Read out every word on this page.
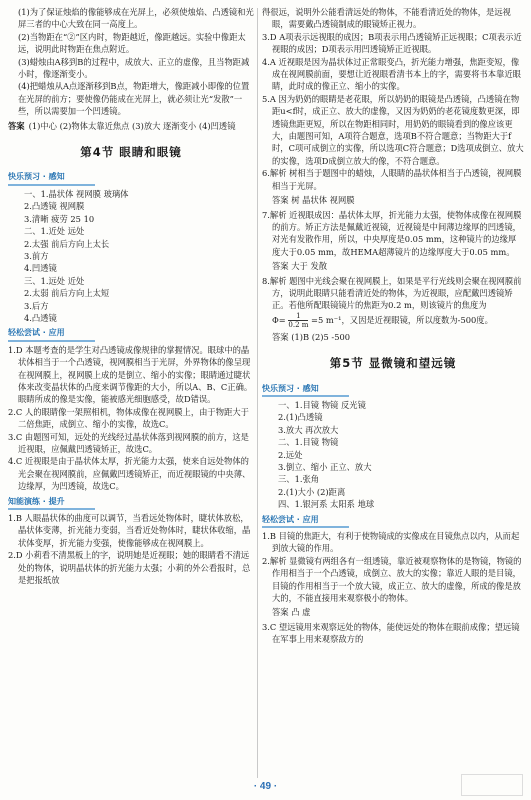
(1)为了保证烛焰的像能够成在光屏上，必须使烛焰、凸透镜和光屏三者的中心大致在同一高度上。

(2)当物距在“②”区内时，物距越近，像距越远。实验中像距太远，说明此时物距在焦点附近。

(3)蜡烛由A移到B的过程中，成放大、正立的虚像，且当物距减小时，像逐渐变小。

(4)把蜡烛从A点逐渐移到B点，物距增大，像距减小即像的位置在光屏的前方；要使像仍能成在光屏上，就必须让光“发散”一些，所以需要加一个凹透镜。

答案 (1)中心 (2)物体太靠近焦点 (3)放大 逐渐变小 (4)凹透镜

第4节 眼睛和眼镜
快乐预习 · 感知

一、1.晶状体 视网膜 玻璃体

2.凸透镜 视网膜

3.清晰 疲劳 25 10

二、1.近处 远处

2.太强 前后方向上太长

3.前方

4.凹透镜

三、1.远处 近处

2.太弱 前后方向上太短

3.后方

4.凸透镜

轻松尝试 · 应用

1.D 本题考查的是学生对凸透镜成像规律的掌握情况。眼球中的晶状体相当于一个凸透镜，视网膜相当于光屏，外界物体的像呈现在视网膜上，视网膜上成的是倒立、缩小的实像；眼睛通过睫状体来改变晶状体的凸度来调节像距的大小，所以A、B、C正确。眼睛所成的像是实像，能被感光细胞感受，故D错误。

2.C 人的眼睛像一架照相机，物体成像在视网膜上，由于物距大于二倍焦距，成倒立、缩小的实像，故选C。

3.C 由题图可知，远处的光线经过晶状体落到视网膜的前方，这是近视眼，应佩戴凹透镜矫正，故选C。

4.C 近视眼是由于晶状体太厚，折光能力太强，使来自远处物体的光会聚在视网膜前，应佩戴凹透镜矫正，而近视眼镜的中央薄、边缘厚，为凹透镜，故选C。

知能演练 · 提升

1.B 人眼晶状体的曲度可以调节，当看远处物体时，睫状体放松，晶状体变薄，折光能力变弱，当看近处物体时，睫状体收缩，晶状体变厚，折光能力变强，使像能够成在视网膜上。

2.D 小莉看不清黑板上的字，说明她是近视眼；她的眼睛看不清远处的物体，说明晶状体的折光能力太强；小莉的外公看报时，总是把报纸放

得很远，说明外公能看清远处的物体，不能看清近处的物体，是远视眼，需要戴凸透镜制成的眼镜矫正视力。

3.D A项表示远视眼的成因；B项表示用凸透镜矫正远视眼；C项表示近视眼的成因；D项表示用凹透镜矫正近视眼。

4.A 近视眼是因为晶状体过正常眼变凸，折光能力增强，焦距变短，像成在视网膜前面，要想让近视眼看清书本上的字，需要将书本靠近眼睛，此时成的像正立、缩小的实像。

5.A 因为奶奶的眼睛是老花眼，所以奶奶的眼镜是凸透镜，凸透镜在物距u<f时，成正立、放大的虚像，又因为奶奶的老花镜度数更深，即透镜焦距更短，所以在物距相同时，用奶奶的眼镜看到的像应该更大，由题图可知，A项符合题意，选项B不符合题意；当物距大于f时，C项可成倒立的实像，所以选项C符合题意；D选项成倒立、放大的实像，选项D成倒立放大的像，不符合题意。

6.解析 树相当于题图中的蜡烛，人眼睛的晶状体相当于凸透镜，视网膜相当于光屏。

答案 树 晶状体 视网膜

7.解析 近视眼成因：晶状体太厚，折光能力太强，使物体成像在视网膜的前方。矫正方法是佩戴近视镜，近视镜是中间薄边缘厚的凹透镜，对光有发散作用，所以，中央厚度是0.05 mm，这种镜片的边缘厚度大于0.05 mm，故HEMA超薄镜片的边缘厚度大于0.05 mm。

答案 大于 发散

8.解析 题图中光线会聚在视网膜上，如果是平行光线则会聚在视网膜前方，说明此眼睛只能看清近处的物体，为近视眼，应配戴凹透镜矫正。若他所配眼镜镜片的焦距为0.2 m，则该镜片的焦度为

$\Phi= \frac{1}{0.2 m} =5$ m⁻¹，又因是近视眼镜，所以度数为-500度。

答案 (1)B (2)5 -500

第5节 显微镜和望远镜
快乐预习 · 感知

一、1.目镜 物镜 反光镜

2.(1)凸透镜

3.放大 再次放大

二、1.目镜 物镜

2.远处

3.倒立、缩小 正立、放大

三、1.张角

2.(1)大小 (2)距离

四、1.银河系 太阳系 地球

轻松尝试 · 应用

1.B 目镜的焦距大，有利于使物镜成的实像成在目镜焦点以内，从而起到放大镜的作用。

2.解析 显微镜有两组各有一组透镜，靠近被观察物体的是物镜，物镜的作用相当于一个凸透镜，成倒立、放大的实像；靠近人眼的是目镜，目镜的作用相当于一个放大镜，成正立、放大的虚像，所成的像是放大的，不能直接用来观察极小的物体。

答案 凸 虚

3.C 望远镜用来观察远处的物体，能使远处的物体在眼前成像；望远镜在军事上用来观察敌方的

· 49 ·
